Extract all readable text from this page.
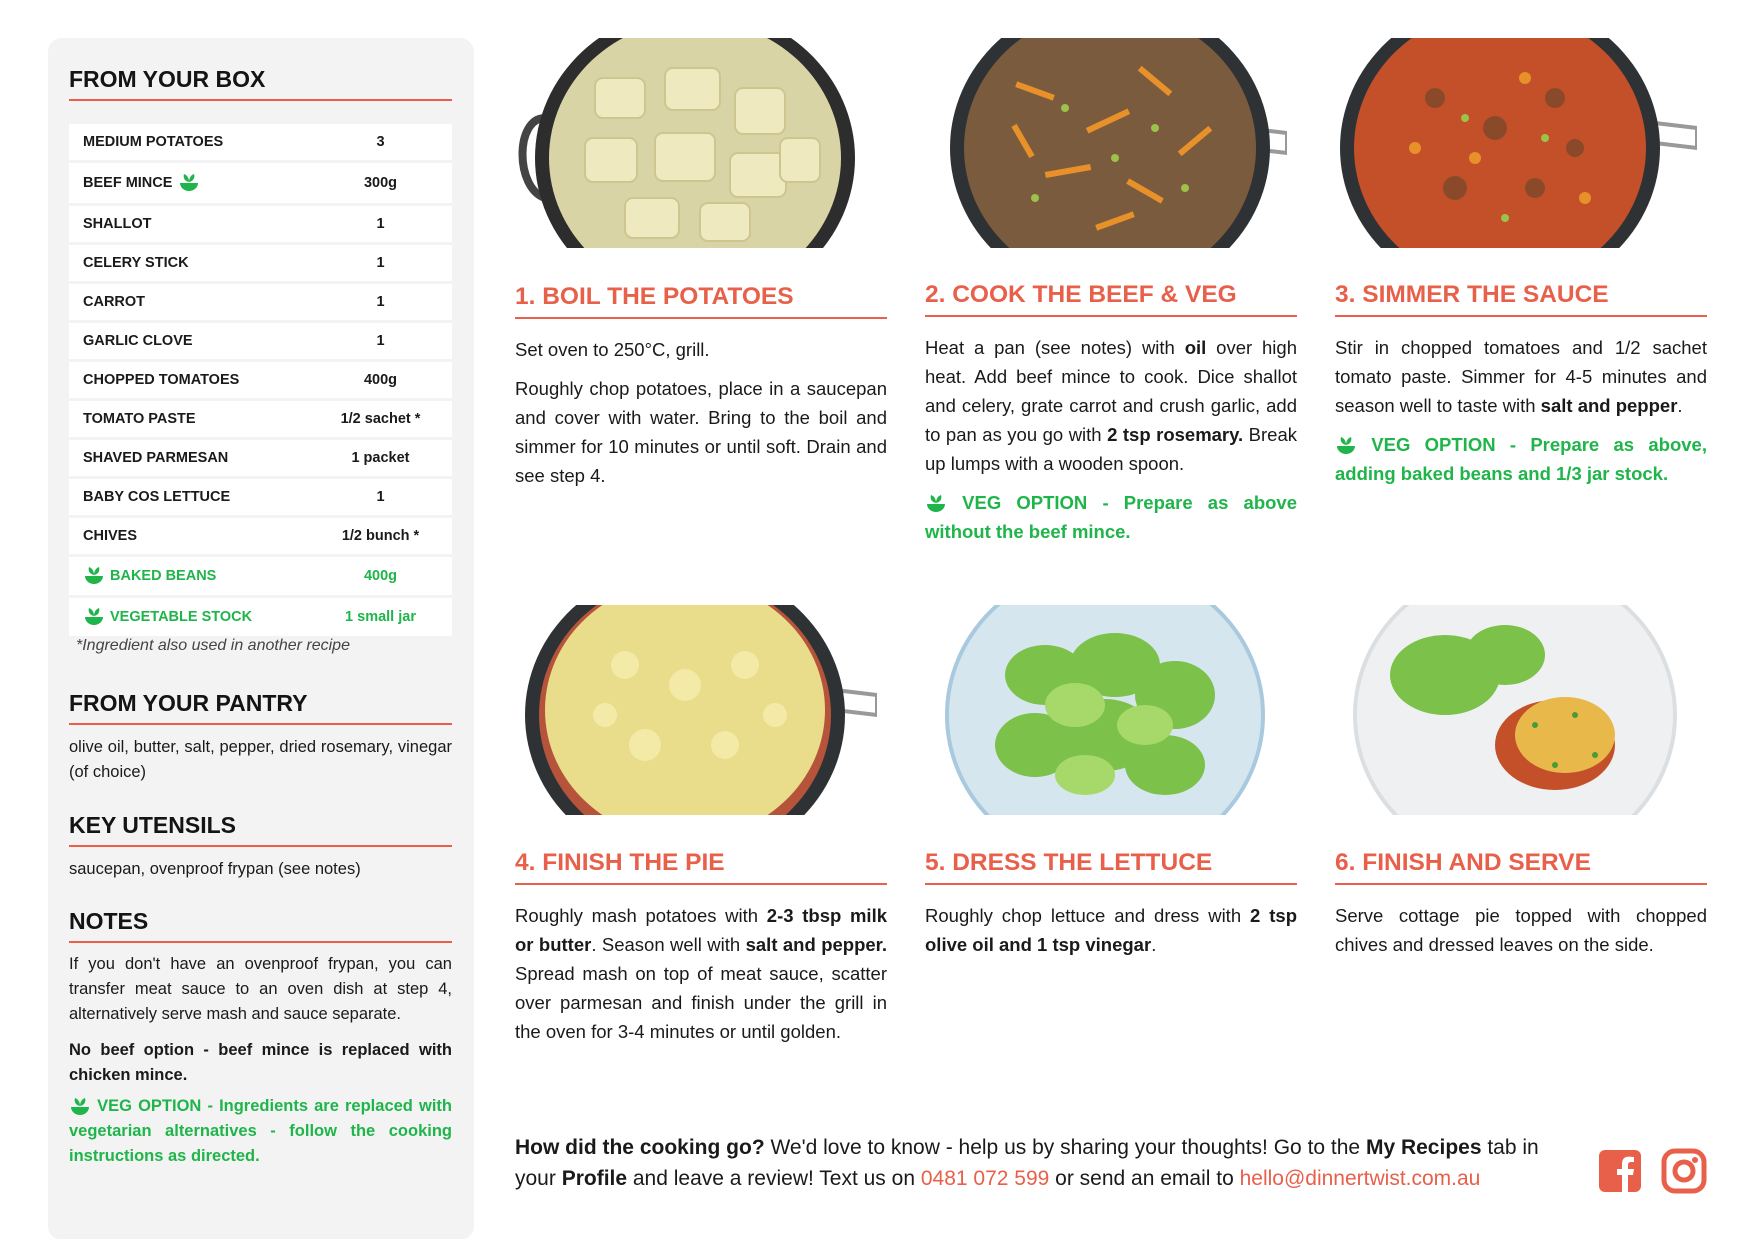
FROM YOUR BOX
MEDIUM POTATOES	3
BEEF MINCE	300g
SHALLOT	1
CELERY STICK	1
CARROT	1
GARLIC CLOVE	1
CHOPPED TOMATOES	400g
TOMATO PASTE	1/2 sachet *
SHAVED PARMESAN	1 packet
BABY COS LETTUCE	1
CHIVES	1/2 bunch *
BAKED BEANS	400g
VEGETABLE STOCK	1 small jar
*Ingredient also used in another recipe
FROM YOUR PANTRY
olive oil, butter, salt, pepper, dried rosemary, vinegar (of choice)
KEY UTENSILS
saucepan, ovenproof frypan (see notes)
NOTES
If you don't have an ovenproof frypan, you can transfer meat sauce to an oven dish at step 4, alternatively serve mash and sauce separate.
No beef option - beef mince is replaced with chicken mince.
VEG OPTION - Ingredients are replaced with vegetarian alternatives - follow the cooking instructions as directed.
1. BOIL THE POTATOES

Set oven to 250°C, grill.

Roughly chop potatoes, place in a saucepan and cover with water. Bring to the boil and simmer for 10 minutes or until soft. Drain and see step 4.

2. COOK THE BEEF & VEG

Heat a pan (see notes) with oil over high heat. Add beef mince to cook. Dice shallot and celery, grate carrot and crush garlic, add to pan as you go with 2 tsp rosemary. Break up lumps with a wooden spoon.

VEG OPTION - Prepare as above without the beef mince.

3. SIMMER THE SAUCE

Stir in chopped tomatoes and 1/2 sachet tomato paste. Simmer for 4-5 minutes and season well to taste with salt and pepper.

VEG OPTION - Prepare as above, adding baked beans and 1/3 jar stock.

4. FINISH THE PIE

Roughly mash potatoes with 2-3 tbsp milk or butter. Season well with salt and pepper. Spread mash on top of meat sauce, scatter over parmesan and finish under the grill in the oven for 3-4 minutes or until golden.

5. DRESS THE LETTUCE

Roughly chop lettuce and dress with 2 tsp olive oil and 1 tsp vinegar.

6. FINISH AND SERVE

Serve cottage pie topped with chopped chives and dressed leaves on the side.

How did the cooking go? We'd love to know - help us by sharing your thoughts! Go to the My Recipes tab in your Profile and leave a review! Text us on 0481 072 599 or send an email to hello@dinnertwist.com.au
